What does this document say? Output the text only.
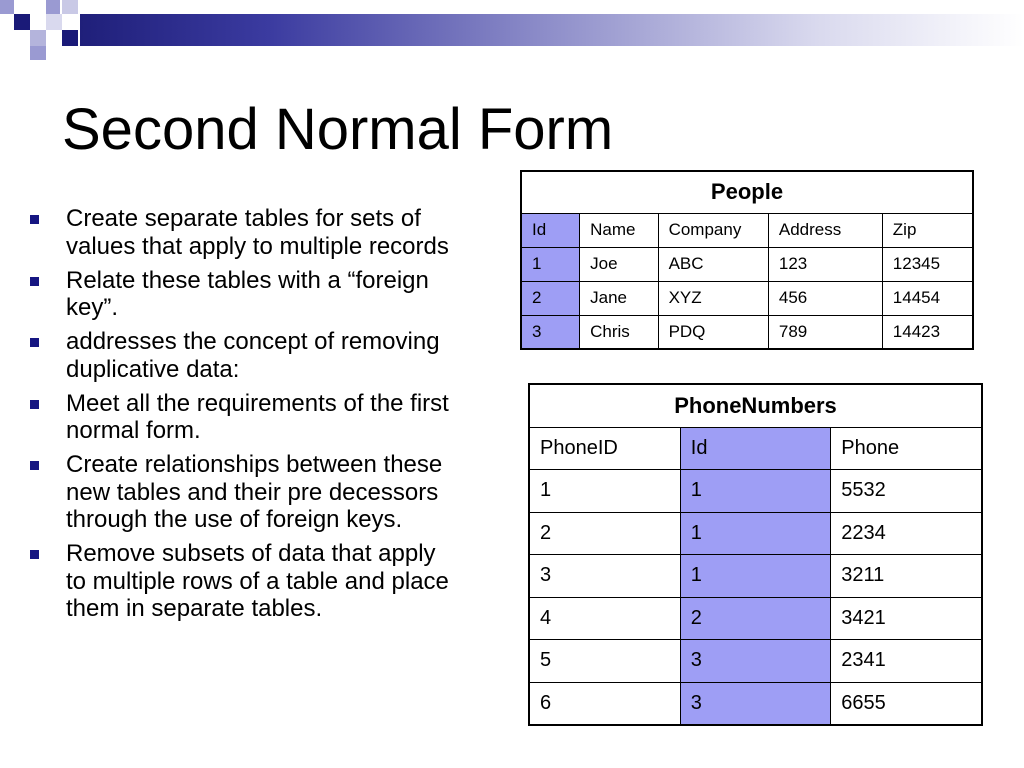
Second Normal Form
Create separate tables for sets of
values that apply to multiple records
Relate these tables with a “foreign
key”.
addresses the concept of removing
duplicative data:
Meet all the requirements of the first
normal form.
Create relationships between these
new tables and their pre decessors
through the use of foreign keys.
Remove subsets of data that apply
to multiple rows of a table and place
them in separate tables.
People				
Id	Name	Company	Address	Zip
1	Joe	ABC	123	12345
2	Jane	XYZ	456	14454
3	Chris	PDQ	789	14423
PhoneNumbers		
PhoneID	Id	Phone
1	1	5532
2	1	2234
3	1	3211
4	2	3421
5	3	2341
6	3	6655
